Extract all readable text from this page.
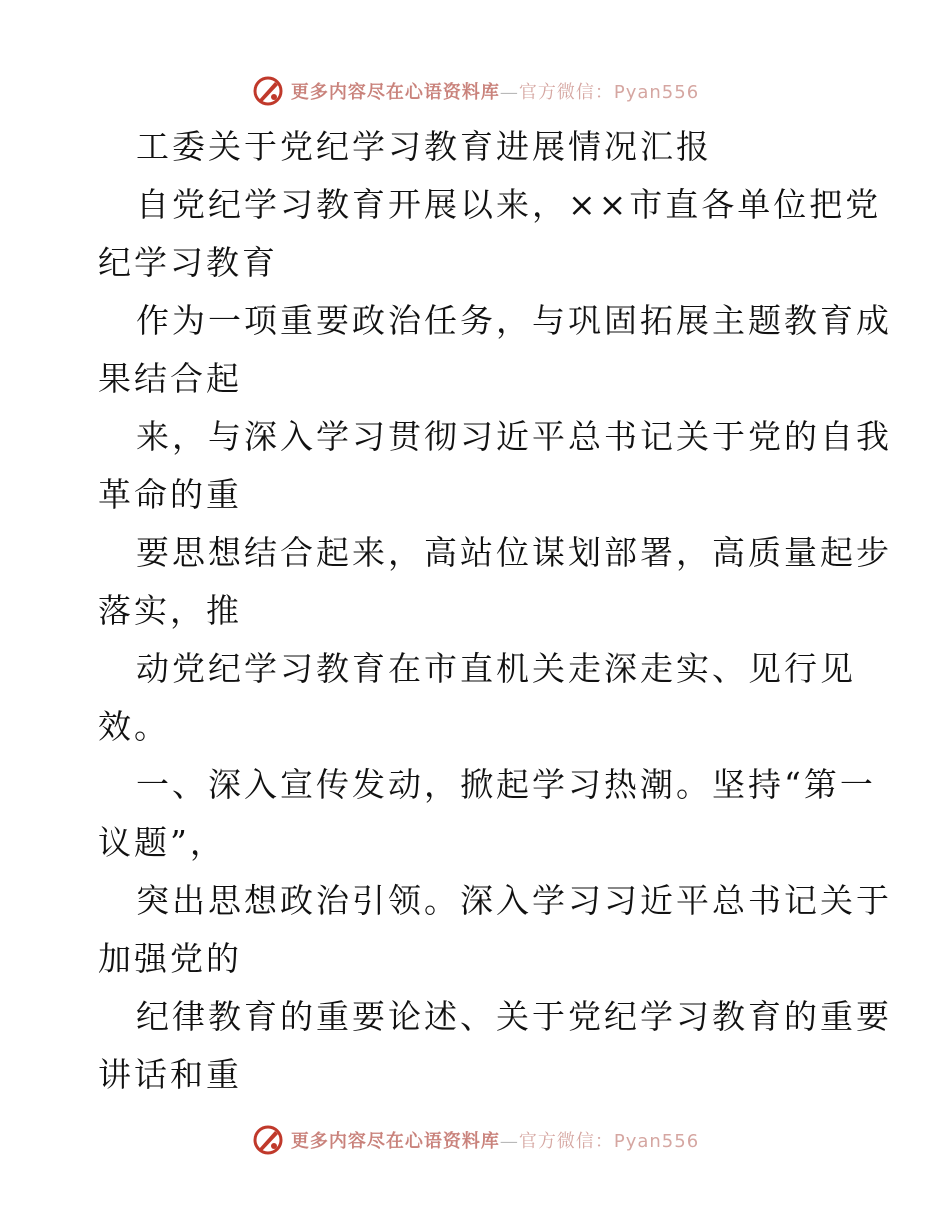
更多内容尽在心语资料库—官方微信：Pyan556
工委关于党纪学习教育进展情况汇报
自党纪学习教育开展以来，××市直各单位把党
纪学习教育
作为一项重要政治任务，与巩固拓展主题教育成
果结合起
来，与深入学习贯彻习近平总书记关于党的自我
革命的重
要思想结合起来，高站位谋划部署，高质量起步
落实，推
动党纪学习教育在市直机关走深走实、见行见
效。
一、深入宣传发动，掀起学习热潮。坚持“第一
议题”，
突出思想政治引领。深入学习习近平总书记关于
加强党的
纪律教育的重要论述、关于党纪学习教育的重要
讲话和重
更多内容尽在心语资料库—官方微信：Pyan556
